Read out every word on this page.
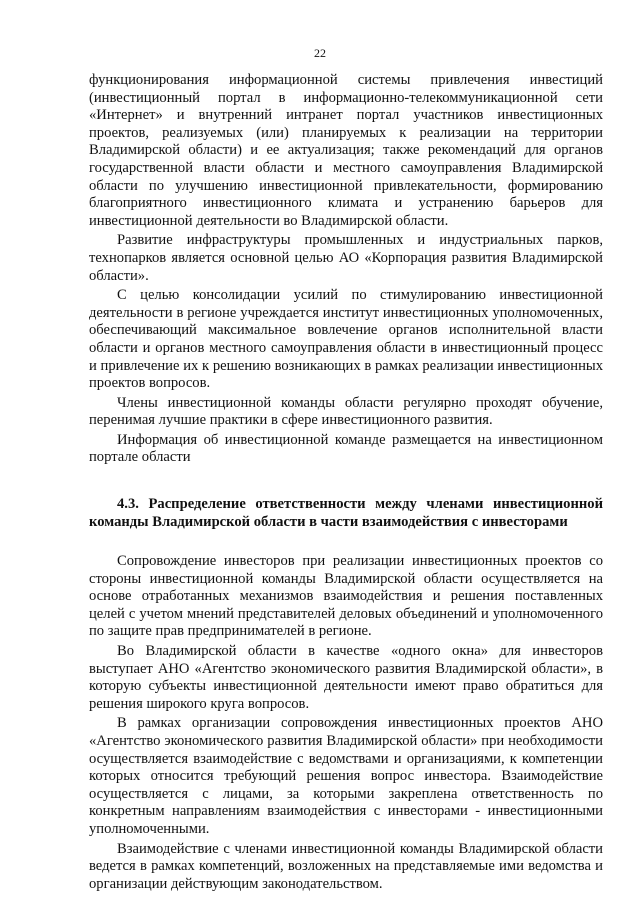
22

функционирования информационной системы привлечения инвестиций (инвестиционный портал в информационно-телекоммуникационной сети «Интернет» и внутренний интранет портал участников инвестиционных проектов, реализуемых (или) планируемых к реализации на территории Владимирской области) и ее актуализация; также рекомендаций для органов государственной власти области и местного самоуправления Владимирской области по улучшению инвестиционной привлекательности, формированию благоприятного инвестиционного климата и устранению барьеров для инвестиционной деятельности во Владимирской области.

Развитие инфраструктуры промышленных и индустриальных парков, технопарков является основной целью АО «Корпорация развития Владимирской области».

С целью консолидации усилий по стимулированию инвестиционной деятельности в регионе учреждается институт инвестиционных уполномоченных, обеспечивающий максимальное вовлечение органов исполнительной власти области и органов местного самоуправления области в инвестиционный процесс и привлечение их к решению возникающих в рамках реализации инвестиционных проектов вопросов.

Члены инвестиционной команды области регулярно проходят обучение, перенимая лучшие практики в сфере инвестиционного развития.

Информация об инвестиционной команде размещается на инвестиционном портале области

4.3. Распределение ответственности между членами инвестиционной команды Владимирской области в части взаимодействия с инвесторами

Сопровождение инвесторов при реализации инвестиционных проектов со стороны инвестиционной команды Владимирской области осуществляется на основе отработанных механизмов взаимодействия и решения поставленных целей с учетом мнений представителей деловых объединений и уполномоченного по защите прав предпринимателей в регионе.

Во Владимирской области в качестве «одного окна» для инвесторов выступает АНО «Агентство экономического развития Владимирской области», в которую субъекты инвестиционной деятельности имеют право обратиться для решения широкого круга вопросов.

В рамках организации сопровождения инвестиционных проектов АНО «Агентство экономического развития Владимирской области» при необходимости осуществляется взаимодействие с ведомствами и организациями, к компетенции которых относится требующий решения вопрос инвестора. Взаимодействие осуществляется с лицами, за которыми закреплена ответственность по конкретным направлениям взаимодействия с инвесторами - инвестиционными уполномоченными.

Взаимодействие с членами инвестиционной команды Владимирской области ведется в рамках компетенций, возложенных на представляемые ими ведомства и организации действующим законодательством.
